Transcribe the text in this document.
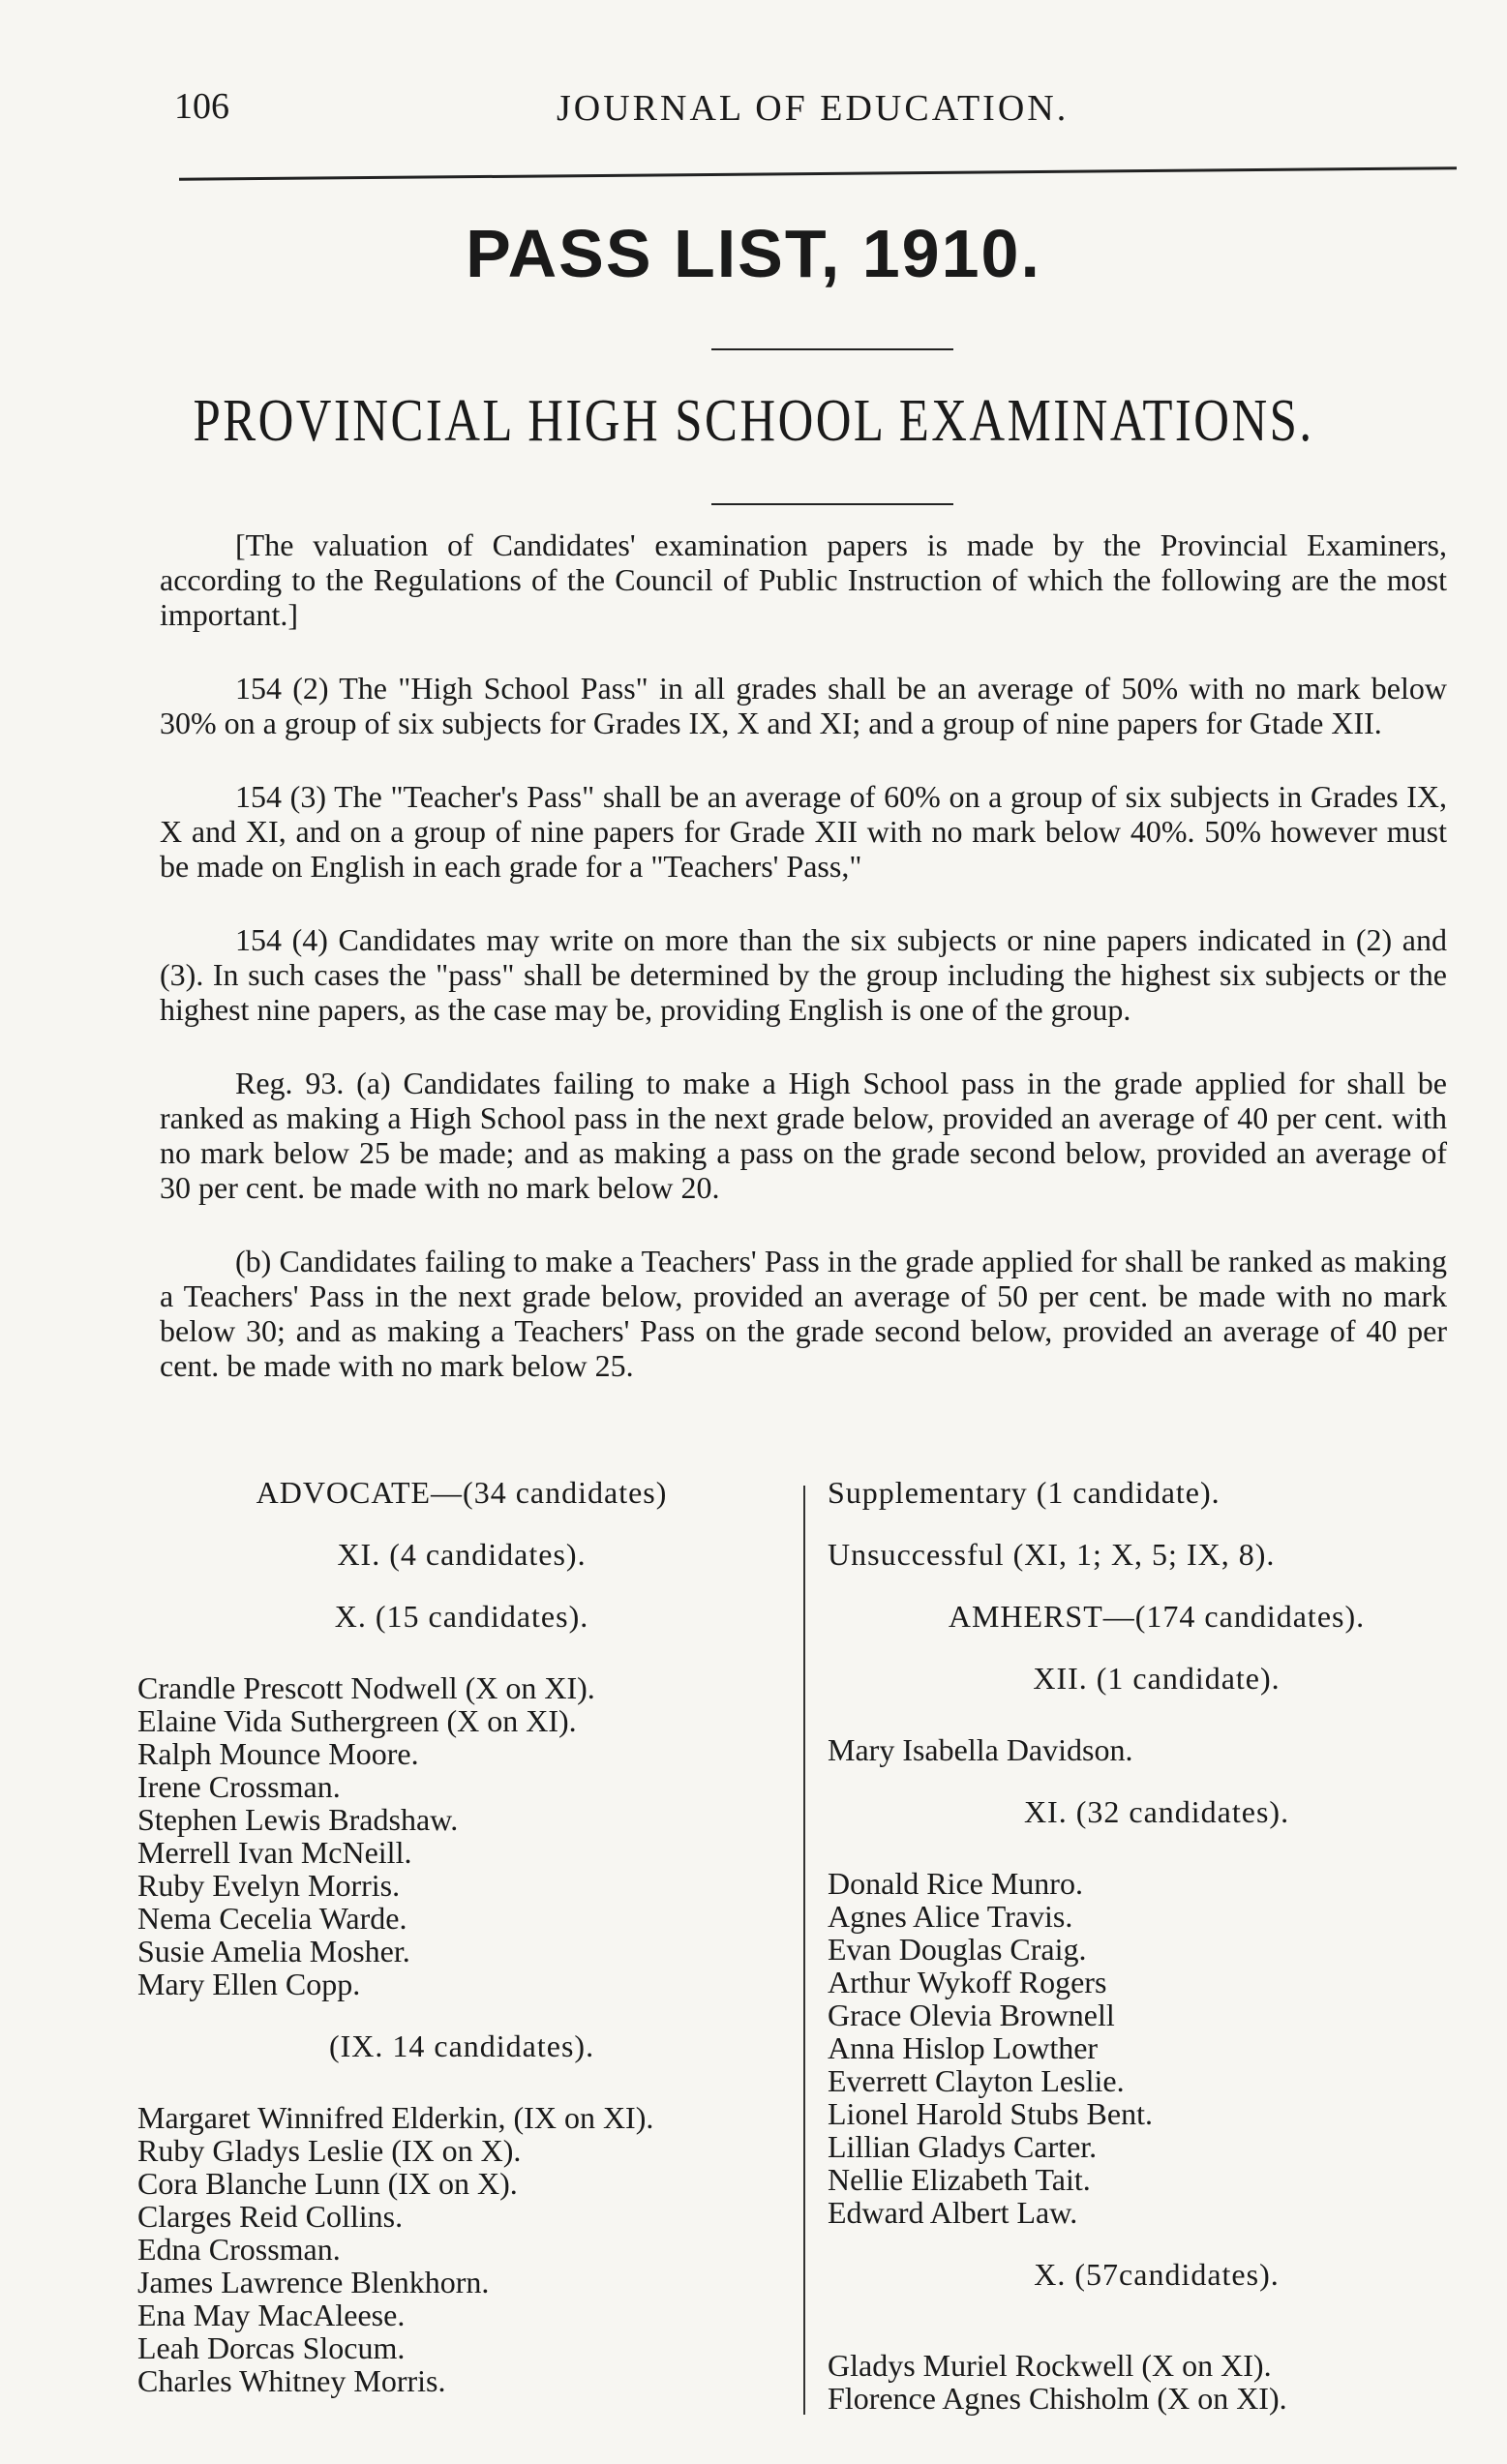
106	JOURNAL OF EDUCATION.
PASS LIST, 1910.
PROVINCIAL HIGH SCHOOL EXAMINATIONS.

[The valuation of Candidates' examination papers is made by the Provincial Examiners, according to the Regulations of the Council of Public Instruction of which the following are the most important.]

154 (2) The "High School Pass" in all grades shall be an average of 50% with no mark below 30% on a group of six subjects for Grades IX, X and XI; and a group of nine papers for Gtade XII.

154 (3) The "Teacher's Pass" shall be an average of 60% on a group of six subjects in Grades IX, X and XI, and on a group of nine papers for Grade XII with no mark below 40%. 50% however must be made on English in each grade for a "Teachers' Pass,"

154 (4) Candidates may write on more than the six subjects or nine papers indicated in (2) and (3). In such cases the "pass" shall be determined by the group including the highest six subjects or the highest nine papers, as the case may be, providing English is one of the group.

Reg. 93. (a) Candidates failing to make a High School pass in the grade applied for shall be ranked as making a High School pass in the next grade below, provided an average of 40 per cent. with no mark below 25 be made; and as making a pass on the grade second below, provided an average of 30 per cent. be made with no mark below 20.

(b) Candidates failing to make a Teachers' Pass in the grade applied for shall be ranked as making a Teachers' Pass in the next grade below, provided an average of 50 per cent. be made with no mark below 30; and as making a Teachers' Pass on the grade second below, provided an average of 40 per cent. be made with no mark below 25.

ADVOCATE—(34 candidates)

XI. (4 candidates).

X. (15 candidates).

Crandle Prescott Nodwell (X on XI).

Elaine Vida Suthergreen (X on XI).

Ralph Mounce Moore.

Irene Crossman.

Stephen Lewis Bradshaw.

Merrell Ivan McNeill.

Ruby Evelyn Morris.

Nema Cecelia Warde.

Susie Amelia Mosher.

Mary Ellen Copp.

(IX. 14 candidates).

Margaret Winnifred Elderkin, (IX on XI).

Ruby Gladys Leslie (IX on X).

Cora Blanche Lunn (IX on X).

Clarges Reid Collins.

Edna Crossman.

James Lawrence Blenkhorn.

Ena May MacAleese.

Leah Dorcas Slocum.

Charles Whitney Morris.

Supplementary (1 candidate).

Unsuccessful (XI, 1; X, 5; IX, 8).

AMHERST—(174 candidates).

XII. (1 candidate).

Mary Isabella Davidson.

XI. (32 candidates).

Donald Rice Munro.

Agnes Alice Travis.

Evan Douglas Craig.

Arthur Wykoff Rogers

Grace Olevia Brownell

Anna Hislop Lowther

Everrett Clayton Leslie.

Lionel Harold Stubs Bent.

Lillian Gladys Carter.

Nellie Elizabeth Tait.

Edward Albert Law.

X. (57candidates).

Gladys Muriel Rockwell (X on XI).

Florence Agnes Chisholm (X on XI).
